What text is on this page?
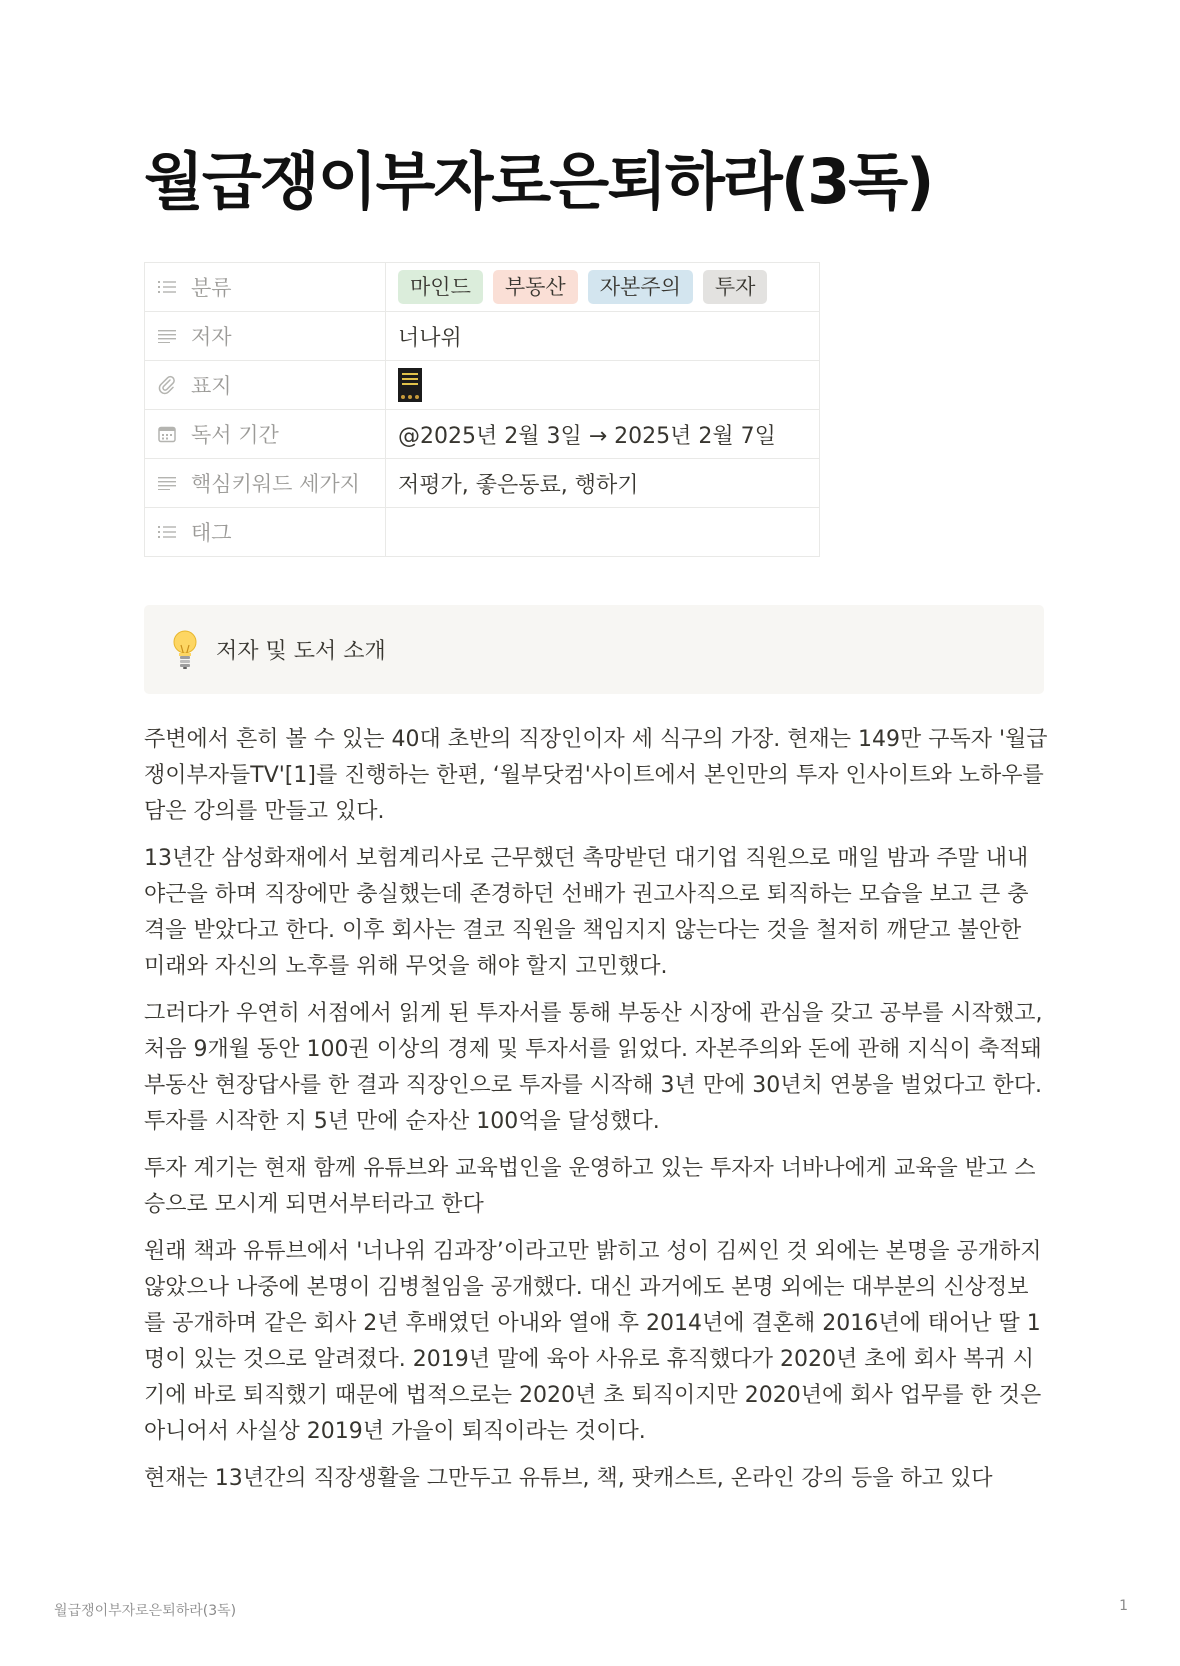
월급쟁이부자로은퇴하라(3독)
분류	마인드 부동산 자본주의 투자

저자	너나위

표지	

독서 기간	@2025년 2월 3일 → 2025년 2월 7일

핵심키워드 세가지	저평가, 좋은동료, 행하기

태그	

저자 및 도서 소개

주변에서 흔히 볼 수 있는 40대 초반의 직장인이자 세 식구의 가장. 현재는 149만 구독자 '월급쟁이부자들TV'[1]를 진행하는 한편, ‘월부닷컴'사이트에서 본인만의 투자 인사이트와 노하우를 담은 강의를 만들고 있다.

13년간 삼성화재에서 보험계리사로 근무했던 촉망받던 대기업 직원으로 매일 밤과 주말 내내 야근을 하며 직장에만 충실했는데 존경하던 선배가 권고사직으로 퇴직하는 모습을 보고 큰 충격을 받았다고 한다. 이후 회사는 결코 직원을 책임지지 않는다는 것을 철저히 깨닫고 불안한 미래와 자신의 노후를 위해 무엇을 해야 할지 고민했다.

그러다가 우연히 서점에서 읽게 된 투자서를 통해 부동산 시장에 관심을 갖고 공부를 시작했고, 처음 9개월 동안 100권 이상의 경제 및 투자서를 읽었다. 자본주의와 돈에 관해 지식이 축적돼 부동산 현장답사를 한 결과 직장인으로 투자를 시작해 3년 만에 30년치 연봉을 벌었다고 한다. 투자를 시작한 지 5년 만에 순자산 100억을 달성했다.

투자 계기는 현재 함께 유튜브와 교육법인을 운영하고 있는 투자자 너바나에게 교육을 받고 스승으로 모시게 되면서부터라고 한다

원래 책과 유튜브에서 '너나위 김과장’이라고만 밝히고 성이 김씨인 것 외에는 본명을 공개하지 않았으나 나중에 본명이 김병철임을 공개했다. 대신 과거에도 본명 외에는 대부분의 신상정보를 공개하며 같은 회사 2년 후배였던 아내와 열애 후 2014년에 결혼해 2016년에 태어난 딸 1명이 있는 것으로 알려졌다. 2019년 말에 육아 사유로 휴직했다가 2020년 초에 회사 복귀 시기에 바로 퇴직했기 때문에 법적으로는 2020년 초 퇴직이지만 2020년에 회사 업무를 한 것은 아니어서 사실상 2019년 가을이 퇴직이라는 것이다.

현재는 13년간의 직장생활을 그만두고 유튜브, 책, 팟캐스트, 온라인 강의 등을 하고 있다

월급쟁이부자로은퇴하라(3독)	1
